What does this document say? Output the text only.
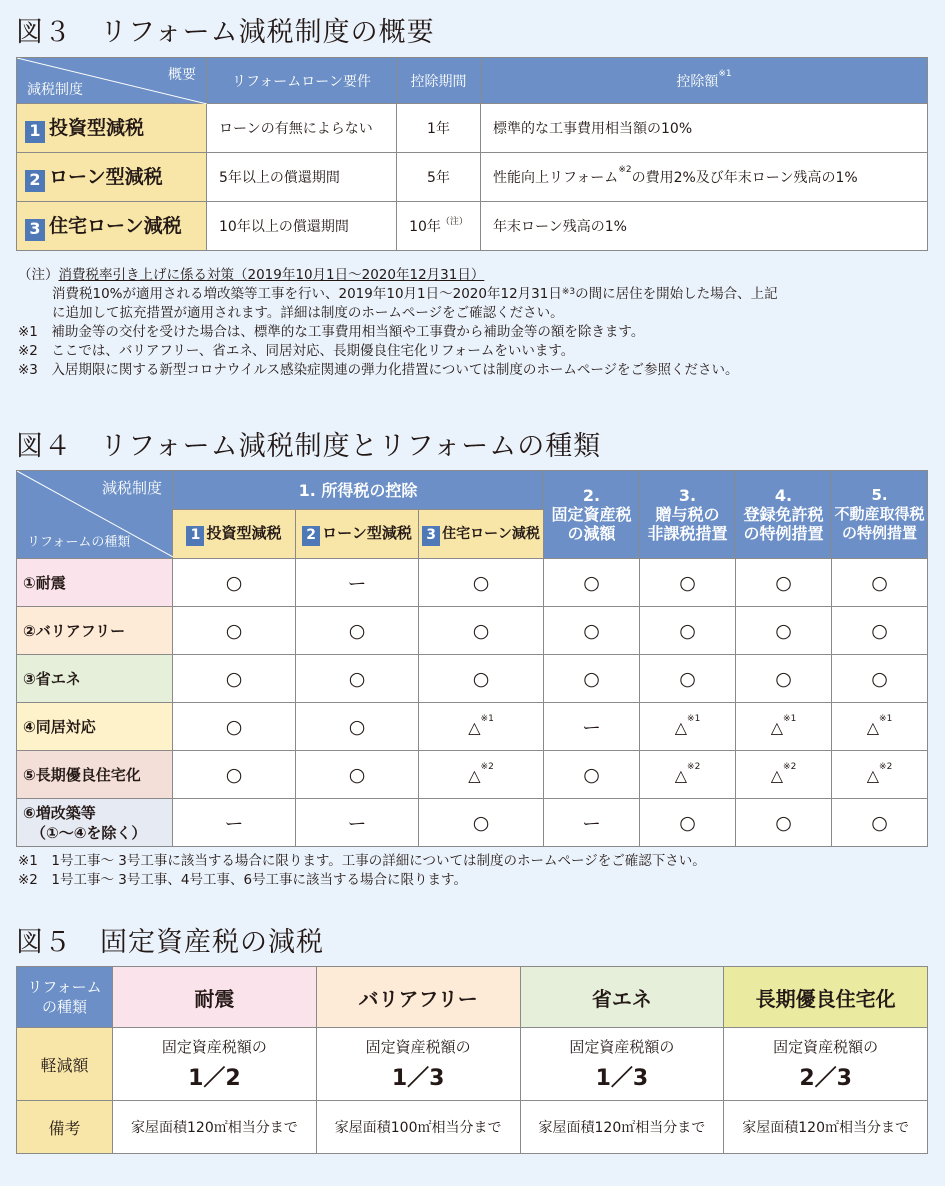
図３　リフォーム減税制度の概要
概要
減税制度	リフォームローン要件	控除期間	控除額$^{※1}$
1 投資型減税	ローンの有無によらない	1年	標準的な工事費用相当額の10%
2 ローン型減税	5年以上の償還期間	5年	性能向上リフォーム$^{※2}$の費用2%及び年末ローン残高の1%
3 住宅ローン減税	10年以上の償還期間	10年$^{(注)}$	年末ローン残高の1%
（注）消費税率引き上げに係る対策（2019年10月1日～2020年12月31日）
消費税10%が適用される増改築等工事を行い、2019年10月1日～2020年12月31日$^{※3}$の間に居住を開始した場合、上記
に追加して拡充措置が適用されます。詳細は制度のホームページをご確認ください。
※1　補助金等の交付を受けた場合は、標準的な工事費用相当額や工事費から補助金等の額を除きます。
※2　ここでは、バリアフリー、省エネ、同居対応、長期優良住宅化リフォームをいいます。
※3　入居期限に関する新型コロナウイルス感染症関連の弾力化措置については制度のホームページをご参照ください。
図４　リフォーム減税制度とリフォームの種類
減税制度
リフォームの種類	1. 所得税の控除			2.
固定資産税
の減額	3.
贈与税の
非課税措置	4.
登録免許税
の特例措置	5.
不動産取得税
の特例措置
	1 投資型減税	2 ローン型減税	3 住宅ローン減税				
①耐震	○	ー	○	○	○	○	○
②バリアフリー	○	○	○	○	○	○	○
③省エネ	○	○	○	○	○	○	○
④同居対応	○	○	△$^{※1}$	ー	△$^{※1}$	△$^{※1}$	△$^{※1}$
⑤長期優良住宅化	○	○	△$^{※2}$	○	△$^{※2}$	△$^{※2}$	△$^{※2}$
⑥増改築等
（①～④を除く）	ー	ー	○	ー	○	○	○
※1　1号工事～ 3号工事に該当する場合に限ります。工事の詳細については制度のホームページをご確認下さい。
※2　1号工事～ 3号工事、4号工事、6号工事に該当する場合に限ります。
図５　固定資産税の減税
リフォーム
の種類	耐震	バリアフリー	省エネ	長期優良住宅化
軽減額	固定資産税額の
1／2	固定資産税額の
1／3	固定資産税額の
1／3	固定資産税額の
2／3

備考	家屋面積120㎡相当分まで	家屋面積100㎡相当分まで	家屋面積120㎡相当分まで	家屋面積120㎡相当分まで
